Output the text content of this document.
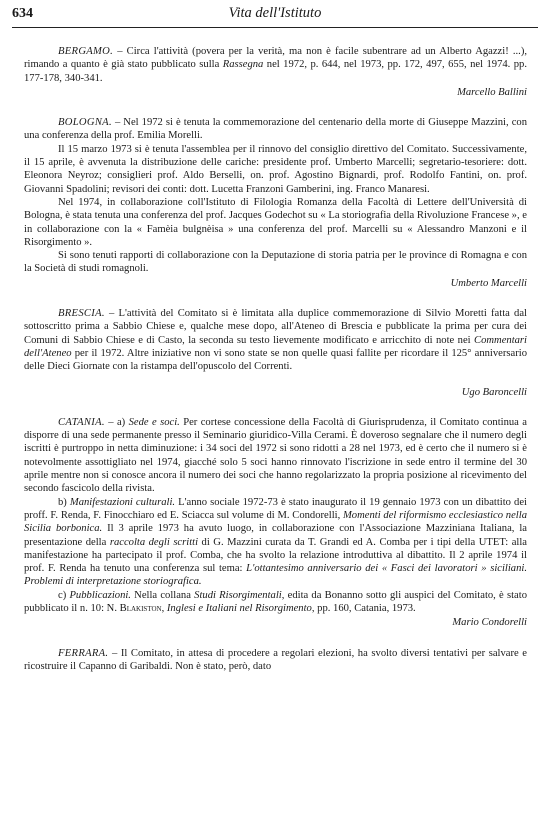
634	Vita dell'Istituto

BERGAMO. – Circa l'attività (povera per la verità, ma non è facile subentrare ad un Alberto Agazzi! ...), rimando a quanto è già stato pubblicato sulla Rassegna nel 1972, p. 644, nel 1973, pp. 172, 497, 655, nel 1974. pp. 177-178, 340-341.

Marcello Ballini

BOLOGNA. – Nel 1972 si è tenuta la commemorazione del centenario della morte di Giuseppe Mazzini, con una conferenza della prof. Emilia Morelli.

Il 15 marzo 1973 si è tenuta l'assemblea per il rinnovo del consiglio direttivo del Comitato. Successivamente, il 15 aprile, è avvenuta la distribuzione delle cariche: presidente prof. Umberto Marcelli; segretario-tesoriere: dott. Eleonora Neyroz; consiglieri prof. Aldo Berselli, on. prof. Agostino Bignardi, prof. Rodolfo Fantini, on. prof. Giovanni Spadolini; revisori dei conti: dott. Lucetta Franzoni Gamberini, ing. Franco Manaresi.

Nel 1974, in collaborazione coll'Istituto di Filologia Romanza della Facoltà di Lettere dell'Università di Bologna, è stata tenuta una conferenza del prof. Jacques Godechot su « La storiografia della Rivoluzione Francese », e in collaborazione con la « Famèia bulgnèisa » una conferenza del prof. Marcelli su « Alessandro Manzoni e il Risorgimento ».

Si sono tenuti rapporti di collaborazione con la Deputazione di storia patria per le province di Romagna e con la Società di studi romagnoli.

Umberto Marcelli

BRESCIA. – L'attività del Comitato si è limitata alla duplice commemorazione di Silvio Moretti fatta dal sottoscritto prima a Sabbio Chiese e, qualche mese dopo, all'Ateneo di Brescia e pubblicate la prima per cura dei Comuni di Sabbio Chiese e di Casto, la seconda su testo lievemente modificato e arricchito di note nei Commentari dell'Ateneo per il 1972. Altre iniziative non vi sono state se non quelle quasi fallite per ricordare il 125° anniversario delle Dieci Giornate con la ristampa dell'opuscolo del Correnti.

Ugo Baroncelli

CATANIA. – a) Sede e soci. Per cortese concessione della Facoltà di Giurisprudenza, il Comitato continua a disporre di una sede permanente presso il Seminario giuridico-Villa Cerami. È doveroso segnalare che il numero degli iscritti è purtroppo in netta diminuzione: i 34 soci del 1972 si sono ridotti a 28 nel 1973, ed è certo che il numero si è notevolmente assottigliato nel 1974, giacché solo 5 soci hanno rinnovato l'iscrizione in sede entro il termine del 30 aprile mentre non si conosce ancora il numero dei soci che hanno regolarizzato la propria posizione al ricevimento del secondo fascicolo della rivista.

b) Manifestazioni culturali. L'anno sociale 1972-73 è stato inaugurato il 19 gennaio 1973 con un dibattito dei proff. F. Renda, F. Finocchiaro ed E. Sciacca sul volume di M. Condorelli, Momenti del riformismo ecclesiastico nella Sicilia borbonica. Il 3 aprile 1973 ha avuto luogo, in collaborazione con l'Associazione Mazziniana Italiana, la presentazione della raccolta degli scritti di G. Mazzini curata da T. Grandi ed A. Comba per i tipi della UTET: alla manifestazione ha partecipato il prof. Comba, che ha svolto la relazione introduttiva al dibattito. Il 2 aprile 1974 il prof. F. Renda ha tenuto una conferenza sul tema: L'ottantesimo anniversario dei « Fasci dei lavoratori » siciliani. Problemi di interpretazione storiografica.

c) Pubblicazioni. Nella collana Studi Risorgimentali, edita da Bonanno sotto gli auspici del Comitato, è stato pubblicato il n. 10: N. Blakiston, Inglesi e Italiani nel Risorgimento, pp. 160, Catania, 1973.

Mario Condorelli

FERRARA. – Il Comitato, in attesa di procedere a regolari elezioni, ha svolto diversi tentativi per salvare e ricostruire il Capanno di Garibaldi. Non è stato, però, dato
